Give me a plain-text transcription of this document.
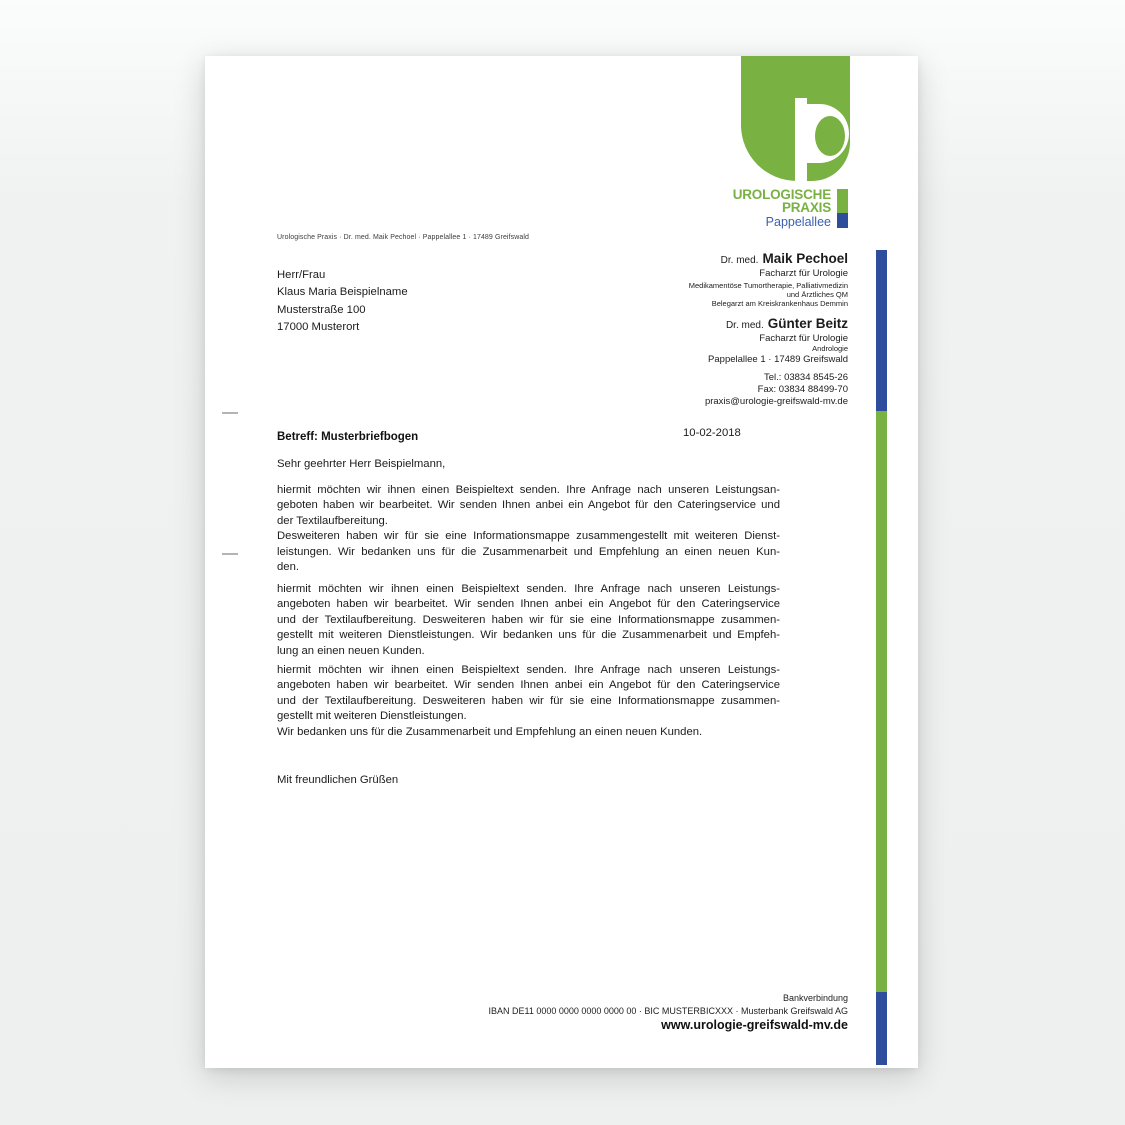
UROLOGISCHE
PRAXIS
Pappelallee
Urologische Praxis · Dr. med. Maik Pechoel · Pappelallee 1 · 17489 Greifswald
Herr/Frau
Klaus Maria Beispielname
Musterstraße 100
17000 Musterort
Dr. med. Maik Pechoel
Facharzt für Urologie
Medikamentöse Tumortherapie, Palliativmedizin
und Ärztliches QM
Belegarzt am Kreiskrankenhaus Demmin
Dr. med. Günter Beitz
Facharzt für Urologie
Andrologie
Pappelallee 1 · 17489 Greifswald
Tel.: 03834 8545-26
Fax: 03834 88499-70
praxis@urologie-greifswald-mv.de
Betreff: Musterbriefbogen	10-02-2018
Sehr geehrter Herr Beispielmann,
hiermit möchten wir ihnen einen Beispieltext senden. Ihre Anfrage nach unseren Leistungsan-
geboten haben wir bearbeitet. Wir senden Ihnen anbei ein Angebot für den Cateringservice und
der Textilaufbereitung.
Desweiteren haben wir für sie eine Informationsmappe zusammengestellt mit weiteren Dienst-
leistungen. Wir bedanken uns für die Zusammenarbeit und Empfehlung an einen neuen Kun-
den.
hiermit möchten wir ihnen einen Beispieltext senden. Ihre Anfrage nach unseren Leistungs-
angeboten haben wir bearbeitet. Wir senden Ihnen anbei ein Angebot für den Cateringservice
und der Textilaufbereitung. Desweiteren haben wir für sie eine Informationsmappe zusammen-
gestellt mit weiteren Dienstleistungen. Wir bedanken uns für die Zusammenarbeit und Empfeh-
lung an einen neuen Kunden.
hiermit möchten wir ihnen einen Beispieltext senden. Ihre Anfrage nach unseren Leistungs-
angeboten haben wir bearbeitet. Wir senden Ihnen anbei ein Angebot für den Cateringservice
und der Textilaufbereitung. Desweiteren haben wir für sie eine Informationsmappe zusammen-
gestellt mit weiteren Dienstleistungen.
Wir bedanken uns für die Zusammenarbeit und Empfehlung an einen neuen Kunden.
Mit freundlichen Grüßen
Bankverbindung
IBAN DE11 0000 0000 0000 0000 00 · BIC MUSTERBICXXX · Musterbank Greifswald AG
www.urologie-greifswald-mv.de
